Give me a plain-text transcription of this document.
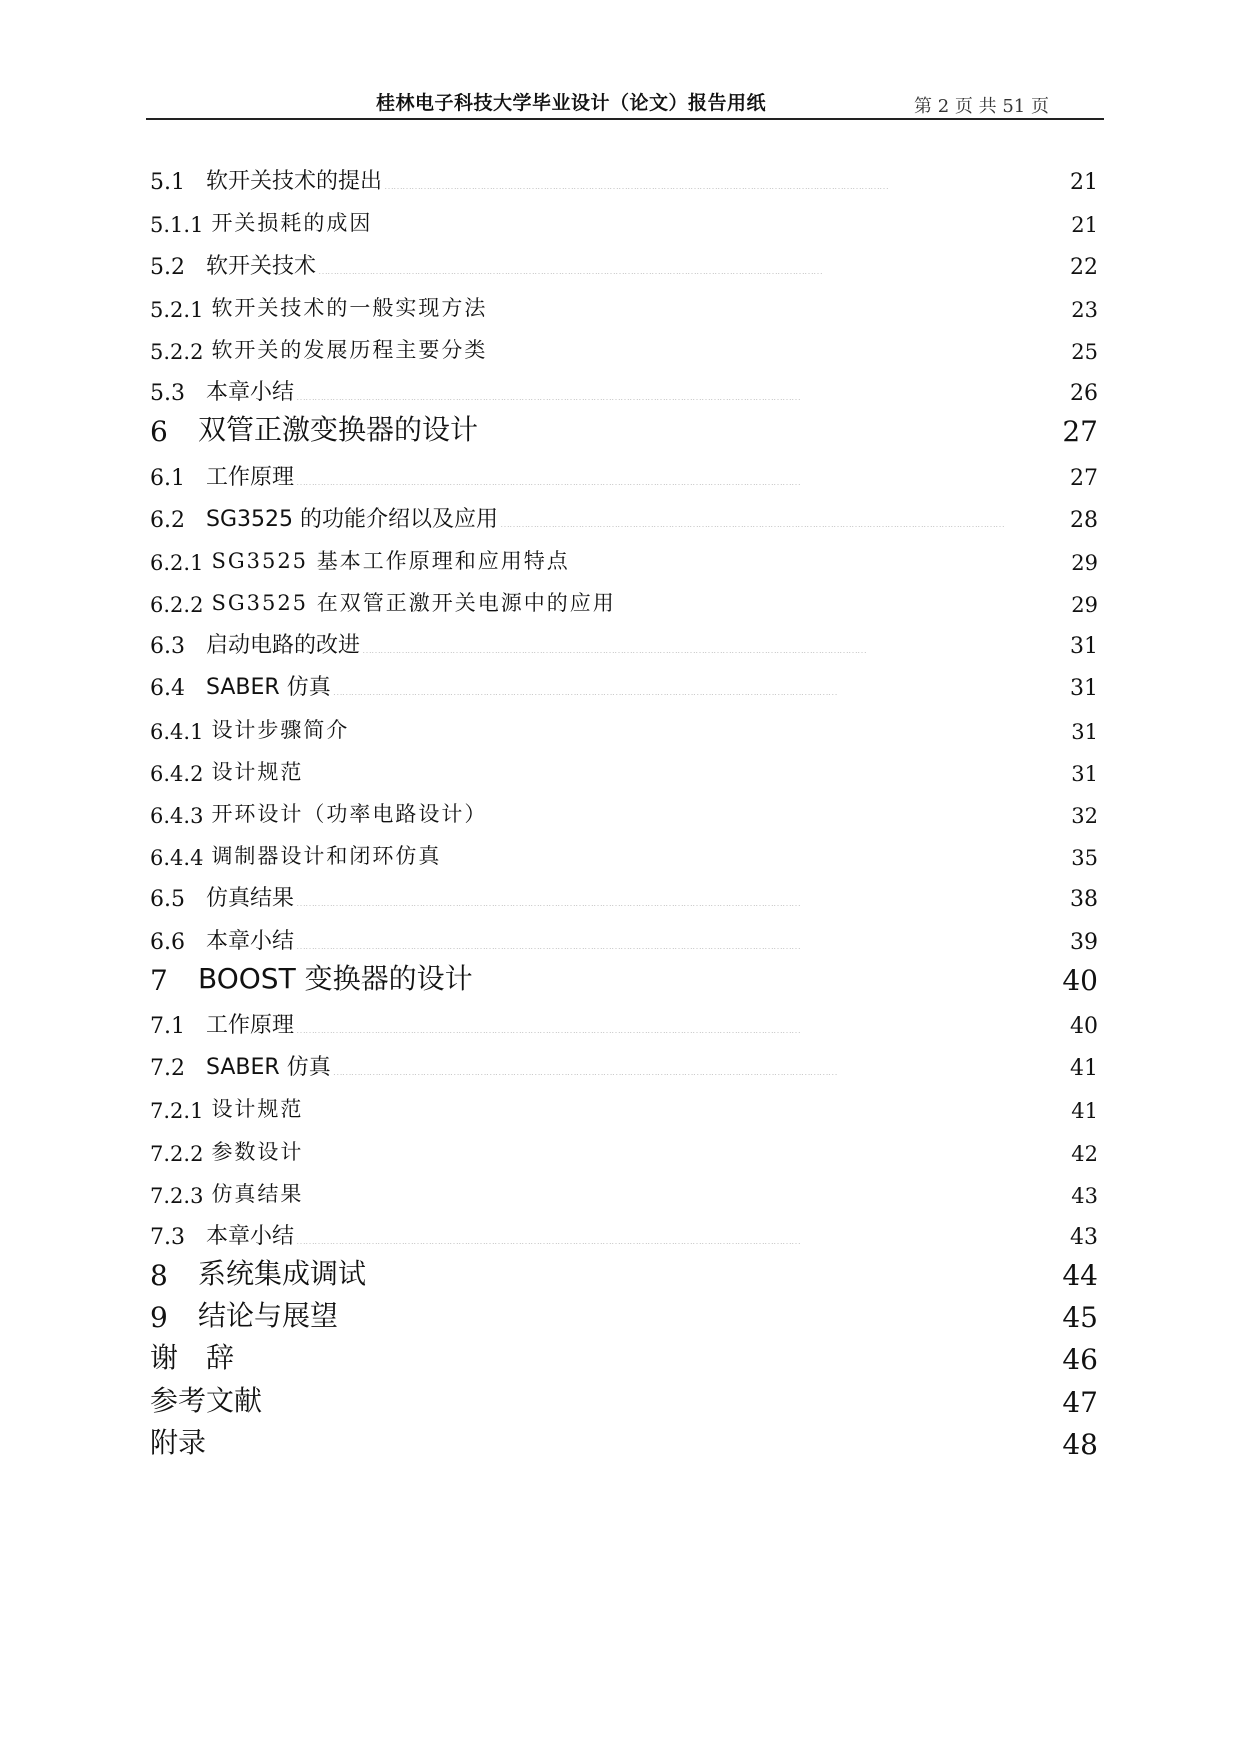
桂林电子科技大学毕业设计（论文）报告用纸	第 2 页 共 51 页
5.1 软开关技术的提出 ……………………………………………………………………………………………………………………………………………………	21
5.1.1 开关损耗的成因 ……………………………………………………………………………………………………………………………………………………	21
5.2 软开关技术 ……………………………………………………………………………………………………………………………………………………	22
5.2.1 软开关技术的一般实现方法 ……………………………………………………………………………………………………………………………………………………	23
5.2.2 软开关的发展历程主要分类 ……………………………………………………………………………………………………………………………………………………	25
5.3 本章小结 ……………………………………………………………………………………………………………………………………………………	26
6	双管正激变换器的设计 . . .	27
6.1 工作原理 ……………………………………………………………………………………………………………………………………………………	27
6.2 SG3525 的功能介绍以及应用 ……………………………………………………………………………………………………………………………………………………	28
6.2.1 SG3525 基本工作原理和应用特点 ……………………………………………………………………………………………………………………………………………………	29
6.2.2 SG3525 在双管正激开关电源中的应用 ……………………………………………………………………………………………………………………………………………………	29
6.3 启动电路的改进 ……………………………………………………………………………………………………………………………………………………	31
6.4 SABER 仿真 ……………………………………………………………………………………………………………………………………………………	31
6.4.1 设计步骤简介 ……………………………………………………………………………………………………………………………………………………	31
6.4.2 设计规范 ……………………………………………………………………………………………………………………………………………………	31
6.4.3 开环设计（功率电路设计） ……………………………………………………………………………………………………………………………………………………	32
6.4.4 调制器设计和闭环仿真 ……………………………………………………………………………………………………………………………………………………	35
6.5 仿真结果 ……………………………………………………………………………………………………………………………………………………	38
6.6 本章小结 ……………………………………………………………………………………………………………………………………………………	39
7	BOOST 变换器的设计 . . .	40
7.1 工作原理 ……………………………………………………………………………………………………………………………………………………	40
7.2 SABER 仿真 ……………………………………………………………………………………………………………………………………………………	41
7.2.1 设计规范 ……………………………………………………………………………………………………………………………………………………	41
7.2.2 参数设计 ……………………………………………………………………………………………………………………………………………………	42
7.2.3 仿真结果 ……………………………………………………………………………………………………………………………………………………	43
7.3 本章小结 ……………………………………………………………………………………………………………………………………………………	43
8	系统集成调试 . . .	44
9	结论与展望 . . .	45
谢　辞 . . .	46
参考文献 . . .	47
附录 . . .	48
